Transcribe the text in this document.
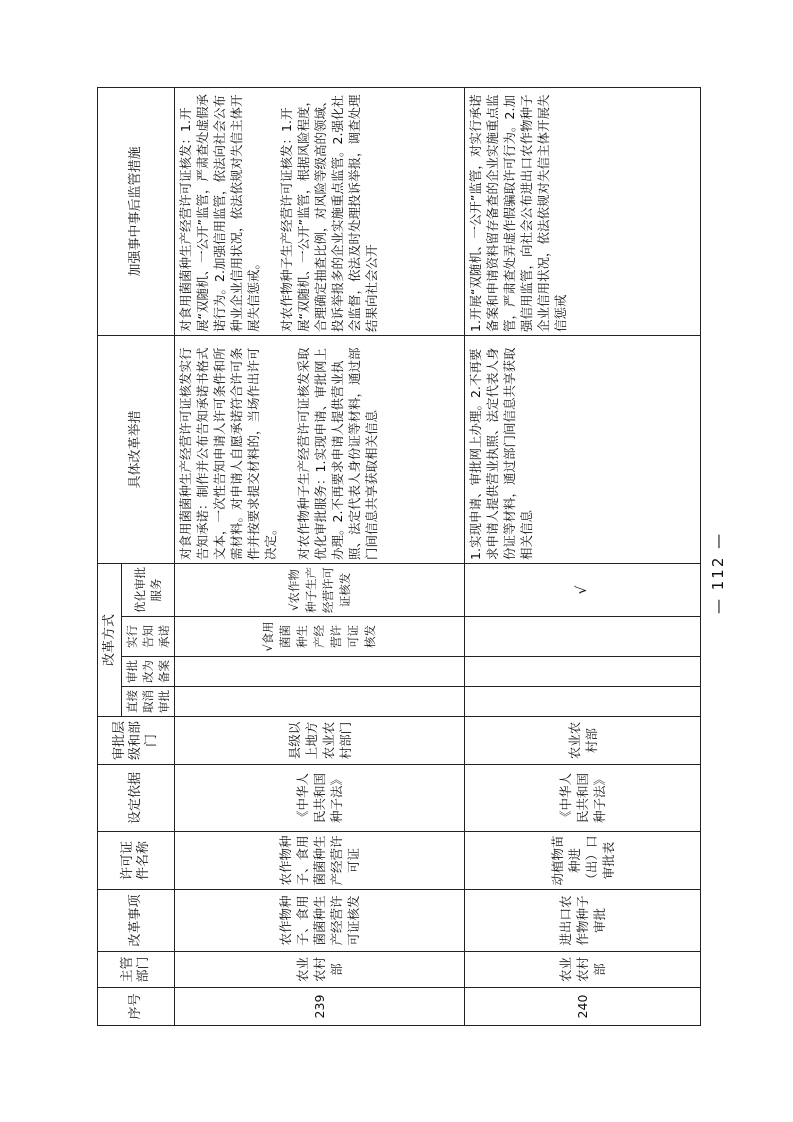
序号	主管部门	改革事项	许可证件名称	设定依据	审批层级和部门	改革方式				具体改革举措	加强事中事后监管措施
						直接取消审批	审批改为备案	实行告知承诺	优化审批服务		
239	农业农村部	农作物种子、食用菌菌种生产经营许可证核发	农作物种子、食用菌菌种生产经营许可证	《中华人民共和国种子法》	县级以上地方农业农村部门			√食用菌菌种生产经营许可证核发	√农作物种子生产经营许可证核发	对食用菌菌种生产经营许可证核发实行告知承诺：制作并公布告知承诺书格式文本，一次性告知申请人许可条件和所需材料。对申请人自愿承诺符合许可条件并按要求提交材料的，当场作出许可决定。 对农作物种子生产经营许可证核发采取优化审批服务：1.实现申请、审批网上办理。2.不再要求申请人提供营业执照、法定代表人身份证等材料，通过部门间信息共享获取相关信息	对食用菌菌种生产经营许可证核发：1.开展“双随机、一公开”监管，严肃查处虚假承诺行为。2.加强信用监管，依法向社会公布种业企业信用状况，依法依规对失信主体开展失信惩戒。 对农作物种子生产经营许可证核发：1.开展“双随机、一公开”监管，根据风险程度，合理确定抽查比例，对风险等级高的领域、投诉举报多的企业实施重点监管。2.强化社会监督，依法及时处理投诉举报，调查处理结果向社会公开

240	农业农村部	进出口农作物种子审批	动植物苗种进（出）口审批表	《中华人民共和国种子法》	农业农村部				√	1.实现申请、审批网上办理。2.不再要求申请人提供营业执照、法定代表人身份证等材料，通过部门间信息共享获取相关信息	1.开展“双随机、一公开”监管，对实行承诺备案和申请资料留存备查的企业实施重点监管，严肃查处弄虚作假骗取许可行为。2.加强信用监管，向社会公布进出口农作物种子企业信用状况，依法依规对失信主体开展失信惩戒
— 112 —
